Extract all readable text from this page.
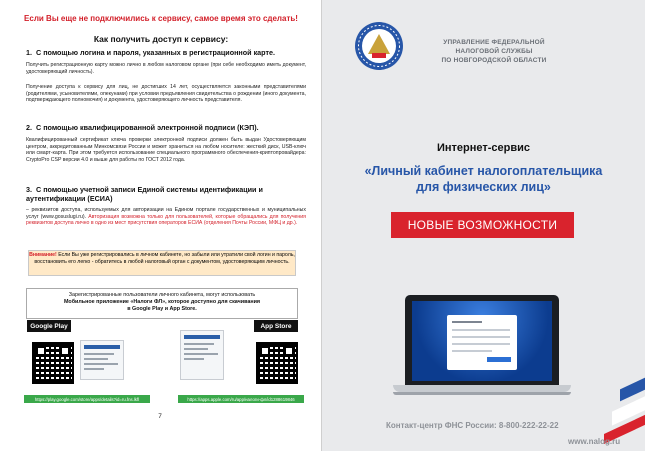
Если Вы еще не подключились к сервису, самое время это сделать!
Как получить доступ к сервису:
1. С помощью логина и пароля, указанных в регистрационной карте.
Получить регистрационную карту можно лично в любом налоговом органе (при себе необходимо иметь документ, удостоверяющий личность).
Получение доступа к сервису для лиц, не достигших 14 лет, осуществляется законными представителями (родителями, усыновителями, опекунами) при условии предъявления свидетельства о рождении (иного документа, подтверждающего полномочия) и документа, удостоверяющего личность представителя.
2. С помощью квалифицированной электронной подписи (КЭП).
Квалифицированный сертификат ключа проверки электронной подписи должен быть выдан Удостоверяющим центром, аккредитованным Минкомсвязи России и может храниться на любом носителе: жесткий диск, USB-ключ или смарт-карта. При этом требуется использование специального программного обеспечения-криптопровайдера: CryptoPro CSP версии 4.0 и выше для работы по ГОСТ 2012 года.
3. С помощью учетной записи Единой системы идентификации и аутентификации (ЕСИА)
– реквизитов доступа, используемых для авторизации на Едином портале государственных и муниципальных услуг (www.gosuslugi.ru). Авторизация возможна только для пользователей, которые обращались для получения реквизитов доступа лично в одно из мест присутствия операторов ЕСИА (отделения Почты России, МФЦ и др.).
Внимание! Если Вы уже регистрировались в личном кабинете, но забыли или утратили свой логин и пароль, восстановить его легко - обратитесь в любой налоговый орган с документом, удостоверяющим личность.
Зарегистрированные пользователи личного кабинета, могут использовать
Мобильное приложение «Налоги ФЛ», которое доступно для скачивания
в Google Play и App Store.
Google Play	App Store
https://play.google.com/store/apps/details?id=ru.fns.lkfl	https://apps.apple.com/ru/app/налоги-фл/id1288619846
7
УПРАВЛЕНИЕ ФЕДЕРАЛЬНОЙ
НАЛОГОВОЙ СЛУЖБЫ
ПО НОВГОРОДСКОЙ ОБЛАСТИ
Интернет-сервис
«Личный кабинет налогоплательщика
для физических лиц»
НОВЫЕ ВОЗМОЖНОСТИ
Контакт-центр ФНС России: 8-800-222-22-22
www.nalog.ru
